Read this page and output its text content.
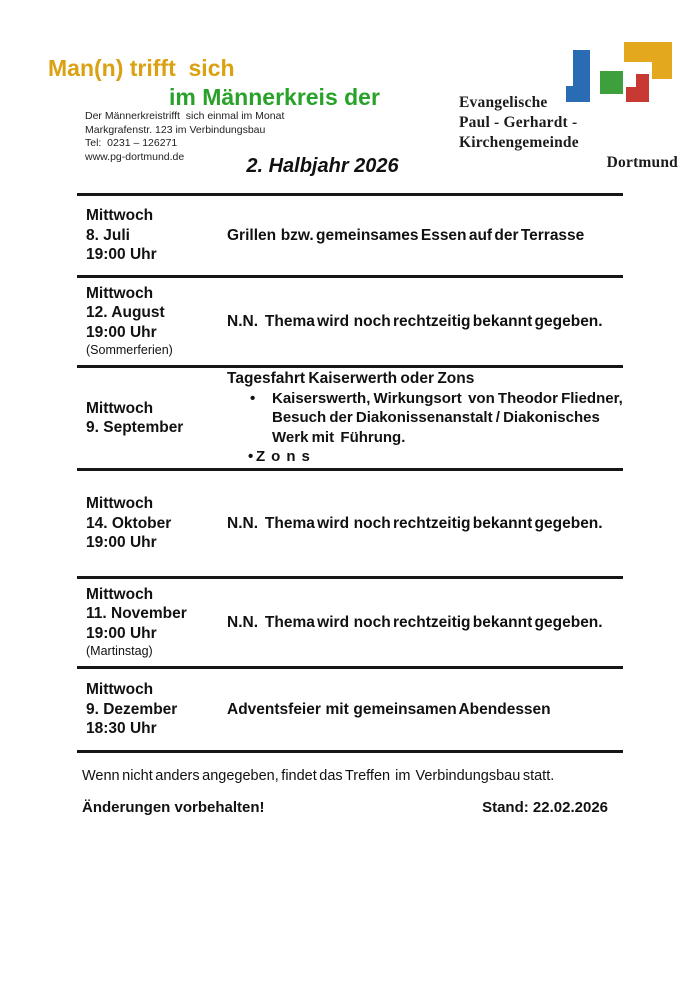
Man(n) trifft  sich
im Männerkreis der
Der Männerkreistrifft  sich einmal im Monat
Markgrafenstr. 123 im Verbindungsbau
Tel:  0231 – 126271
www.pg-dortmund.de
Evangelische
Paul - Gerhardt - Kirchengemeinde
Dortmund
2. Halbjahr 2026
Mittwoch
8. Juli
19:00 Uhr
Grillen  bzw. gemeinsames Essen auf der Terrasse
Mittwoch
12. August
19:00 Uhr
(Sommerferien)
N.N.   Thema wird  noch rechtzeitig bekannt gegeben.
Mittwoch
9. September
Tagesfahrt Kaiserwerth oder Zons
•	Kaiserswerth, Wirkungsort  von Theodor Fliedner, Besuch der Diakonissenanstalt / Diakonisches Werk mit  Führung.
• Zons
Mittwoch
14. Oktober
19:00 Uhr
N.N.   Thema wird  noch rechtzeitig bekannt gegeben.
Mittwoch
11. November
19:00 Uhr
(Martinstag)
N.N.   Thema wird  noch rechtzeitig bekannt gegeben.
Mittwoch
9. Dezember
18:30 Uhr
Adventsfeier  mit  gemeinsamen Abendessen
Wenn nicht anders angegeben, findet das Treffen  im  Verbindungsbau statt.
Änderungen vorbehalten!	Stand: 22.02.2026
